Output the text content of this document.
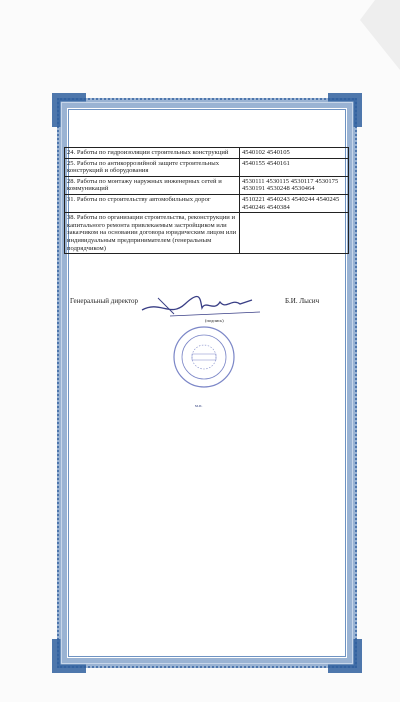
24. Работы по гидроизоляции строительных конструкций	4540102 4540105
25. Работы по антикоррозийной защите строительных конструкций и оборудования	4540155 4540161
28. Работы по монтажу наружных инженерных сетей и коммуникаций	4530111 4530115 4530117 4530175 4530191 4530248 4530464
31. Работы по строительству автомобильных дорог	4510221 4540243 4540244 4540245 4540246 4540384
38. Работы по организации строительства, реконструкции и капитального ремонта привлекаемым застройщиком или заказчиком на основании договора юридическим лицом или индивидуальным предпринимателем (генеральным подрядчиком)	
Генеральный директор	Б.И. Лысич
(подпись)
м.п.
